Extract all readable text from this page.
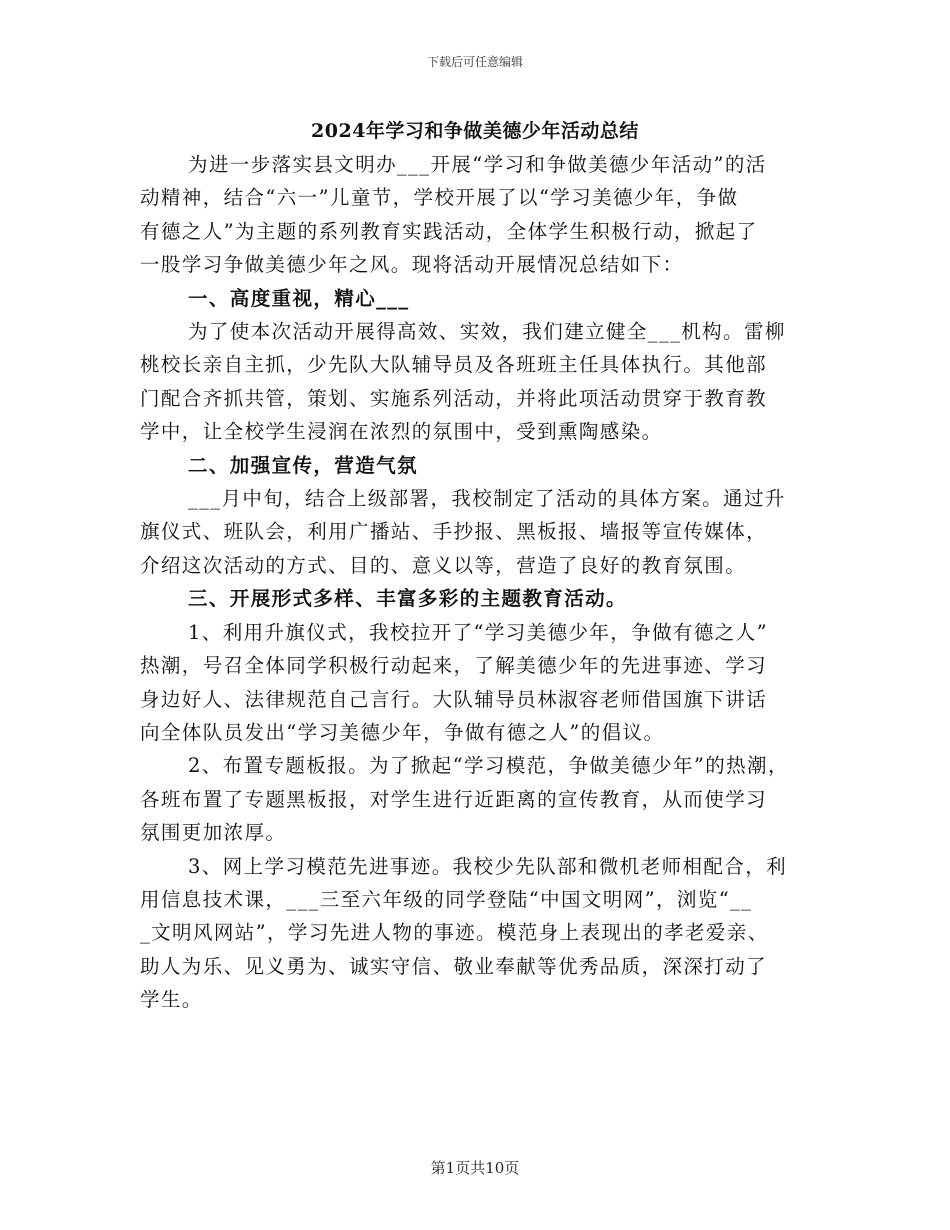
下载后可任意编辑
2024年学习和争做美德少年活动总结

为进一步落实县文明办___开展“学习和争做美德少年活动”的活
动精神，结合“六一”儿童节，学校开展了以“学习美德少年，争做
有德之人”为主题的系列教育实践活动，全体学生积极行动，掀起了
一股学习争做美德少年之风。现将活动开展情况总结如下：

一、高度重视，精心___

为了使本次活动开展得高效、实效，我们建立健全___机构。雷柳
桃校长亲自主抓，少先队大队辅导员及各班班主任具体执行。其他部
门配合齐抓共管，策划、实施系列活动，并将此项活动贯穿于教育教
学中，让全校学生浸润在浓烈的氛围中，受到熏陶感染。

二、加强宣传，营造气氛

___月中旬，结合上级部署，我校制定了活动的具体方案。通过升
旗仪式、班队会，利用广播站、手抄报、黑板报、墙报等宣传媒体，
介绍这次活动的方式、目的、意义以等，营造了良好的教育氛围。

三、开展形式多样、丰富多彩的主题教育活动。

1、利用升旗仪式，我校拉开了“学习美德少年，争做有德之人”
热潮，号召全体同学积极行动起来，了解美德少年的先进事迹、学习
身边好人、法律规范自己言行。大队辅导员林淑容老师借国旗下讲话
向全体队员发出“学习美德少年，争做有德之人”的倡议。

2、布置专题板报。为了掀起“学习模范，争做美德少年”的热潮，
各班布置了专题黑板报，对学生进行近距离的宣传教育，从而使学习
氛围更加浓厚。

3、网上学习模范先进事迹。我校少先队部和微机老师相配合，利
用信息技术课，___三至六年级的同学登陆“中国文明网”，浏览“__
_文明风网站”，学习先进人物的事迹。模范身上表现出的孝老爱亲、
助人为乐、见义勇为、诚实守信、敬业奉献等优秀品质，深深打动了
学生。

第1页共10页
